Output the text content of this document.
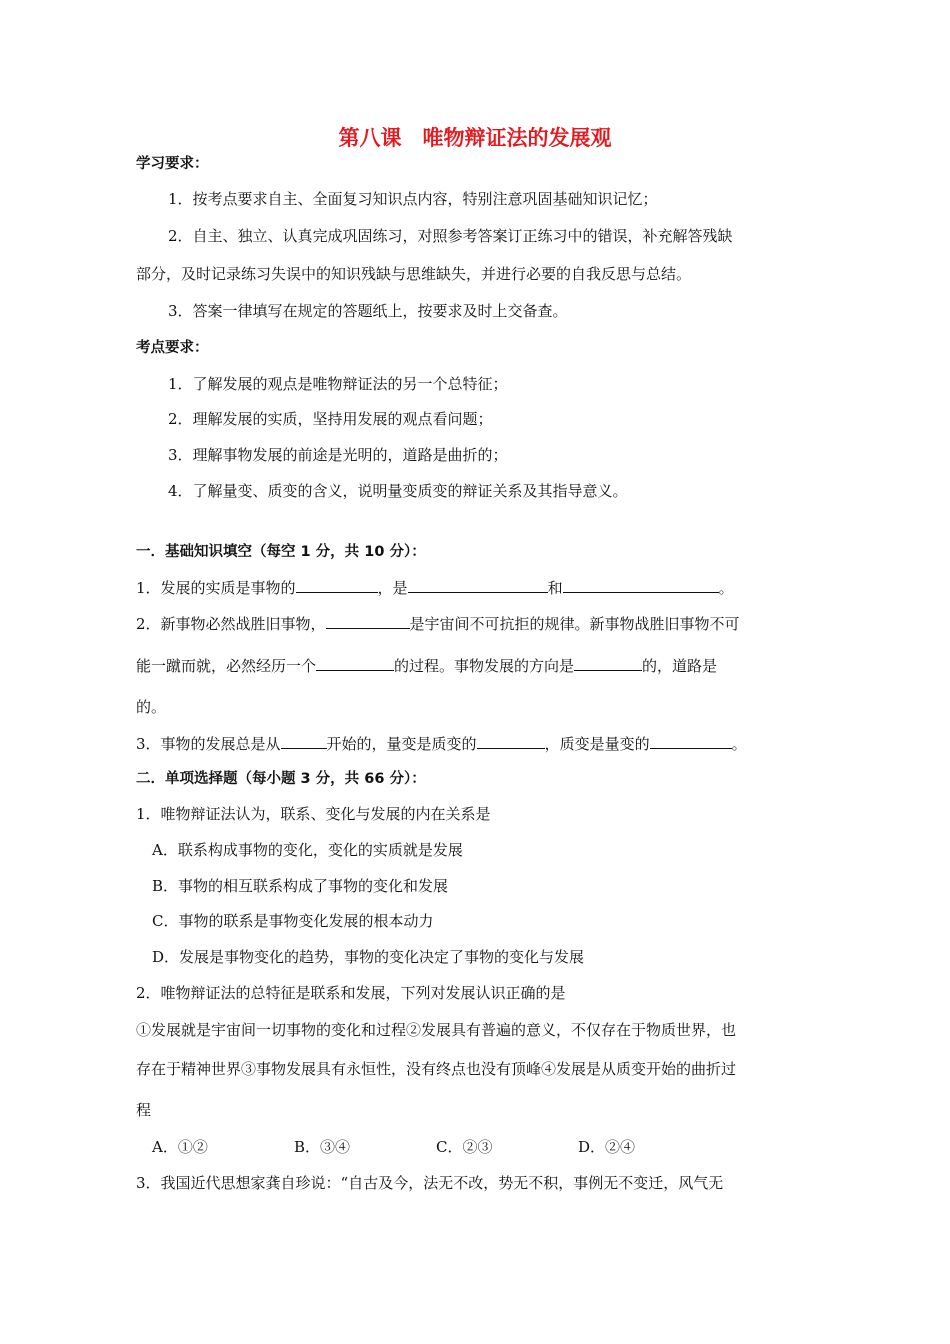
第八课　唯物辩证法的发展观
学习要求：
1．按考点要求自主、全面复习知识点内容，特别注意巩固基础知识记忆；
2．自主、独立、认真完成巩固练习，对照参考答案订正练习中的错误，补充解答残缺
部分，及时记录练习失误中的知识残缺与思维缺失，并进行必要的自我反思与总结。
3．答案一律填写在规定的答题纸上，按要求及时上交备查。
考点要求：
1．了解发展的观点是唯物辩证法的另一个总特征；
2．理解发展的实质，坚持用发展的观点看问题；
3．理解事物发展的前途是光明的，道路是曲折的；
4．了解量变、质变的含义，说明量变质变的辩证关系及其指导意义。
一．基础知识填空（每空 1 分，共 10 分）：
1．发展的实质是事物的	，是	和	。
2．新事物必然战胜旧事物，	是宇宙间不可抗拒的规律。新事物战胜旧事物不可
能一蹴而就，必然经历一个	的过程。事物发展的方向是	的，道路是
的。
3．事物的发展总是从	开始的，量变是质变的	，质变是量变的	。
二．单项选择题（每小题 3 分，共 66 分）：
1．唯物辩证法认为，联系、变化与发展的内在关系是
A．联系构成事物的变化，变化的实质就是发展
B．事物的相互联系构成了事物的变化和发展
C．事物的联系是事物变化发展的根本动力
D．发展是事物变化的趋势，事物的变化决定了事物的变化与发展
2．唯物辩证法的总特征是联系和发展，下列对发展认识正确的是
①发展就是宇宙间一切事物的变化和过程②发展具有普遍的意义，不仅存在于物质世界，也
存在于精神世界③事物发展具有永恒性，没有终点也没有顶峰④发展是从质变开始的曲折过
程
A．①②	B．③④	C．②③	D．②④
3．我国近代思想家龚自珍说：“自古及今，法无不改，势无不积，事例无不变迁，风气无
